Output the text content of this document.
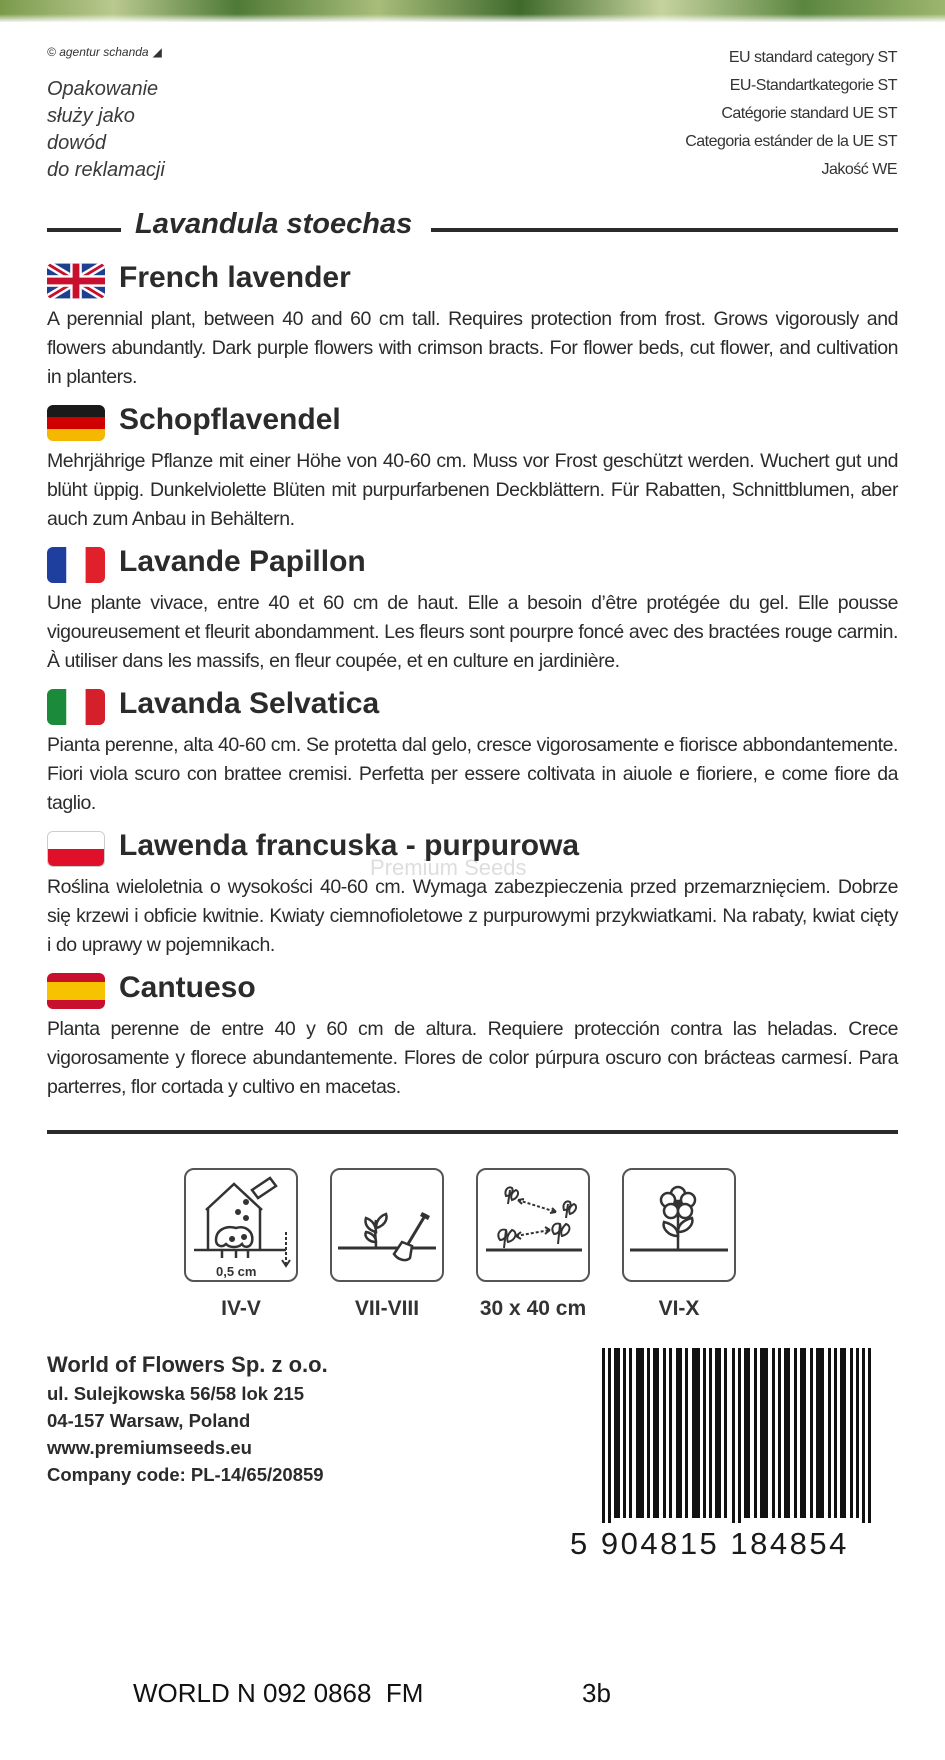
© agentur schanda ◢
Opakowanie
służy jako
dowód
do reklamacji
EU standard category ST
EU-Standartkategorie ST
Catégorie standard UE ST
Categoria estánder de la UE ST
Jakość WE
Lavandula stoechas
French lavender
A perennial plant, between 40 and 60 cm tall. Requires protection from frost. Grows vigorously and flowers abundantly. Dark purple flowers with crimson bracts. For flower beds, cut flower, and cultivation in planters.
Schopflavendel
Mehrjährige Pflanze mit einer Höhe von 40-60 cm. Muss vor Frost geschützt werden. Wuchert gut und blüht üppig. Dunkelviolette Blüten mit purpurfarbenen Deckblättern. Für Rabatten, Schnittblumen, aber auch zum Anbau in Behältern.
Lavande Papillon
Une plante vivace, entre 40 et 60 cm de haut. Elle a besoin d’être protégée du gel. Elle pousse vigoureusement et fleurit abondamment. Les fleurs sont pourpre foncé avec des bractées rouge carmin. À utiliser dans les massifs, en fleur coupée, et en culture en jardinière.
Lavanda Selvatica
Pianta perenne, alta 40-60 cm. Se protetta dal gelo, cresce vigorosamente e fiorisce abbondantemente. Fiori viola scuro con brattee cremisi. Perfetta per essere coltivata in aiuole e fioriere, e come fiore da taglio.
Lawenda francuska - purpurowa
Roślina wieloletnia o wysokości 40-60 cm. Wymaga zabezpieczenia przed przemarznięciem. Dobrze się krzewi i obficie kwitnie. Kwiaty ciemnofioletowe z purpurowymi przykwiatkami. Na rabaty, kwiat cięty i do uprawy w pojemnikach.
Premium Seeds
Cantueso
Planta perenne de entre 40 y 60 cm de altura. Requiere protección contra las heladas. Crece vigorosamente y florece abundantemente. Flores de color púrpura oscuro con brácteas carmesí. Para parterres, flor cortada y cultivo en macetas.
0,5 cm
IV-V	VII-VIII	30 x 40 cm	VI-X
World of Flowers Sp. z o.o.
ul. Sulejkowska 56/58 lok 215
04-157 Warsaw, Poland
www.premiumseeds.eu
Company code: PL-14/65/20859
5 904815 184854
WORLD N 092 0868  FM	3b
